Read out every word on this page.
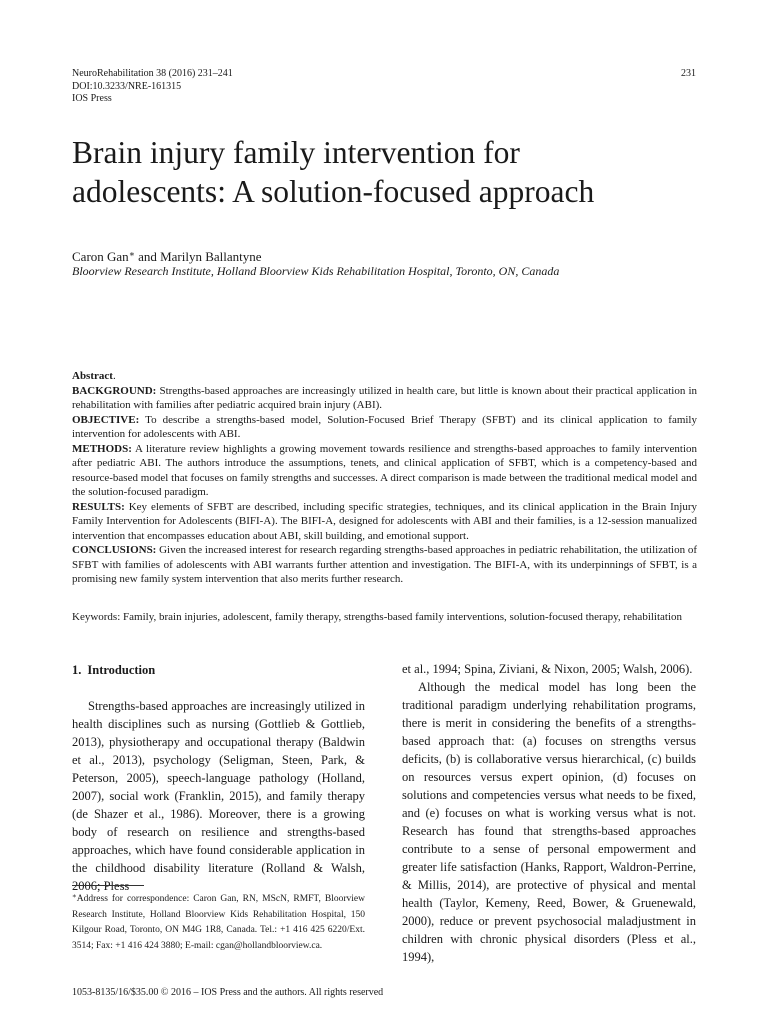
NeuroRehabilitation 38 (2016) 231–241
DOI:10.3233/NRE-161315
IOS Press
231
Brain injury family intervention for
adolescents: A solution-focused approach
Caron Gan∗ and Marilyn Ballantyne
Bloorview Research Institute, Holland Bloorview Kids Rehabilitation Hospital, Toronto, ON, Canada

Abstract.

BACKGROUND: Strengths-based approaches are increasingly utilized in health care, but little is known about their practical application in rehabilitation with families after pediatric acquired brain injury (ABI).

OBJECTIVE: To describe a strengths-based model, Solution-Focused Brief Therapy (SFBT) and its clinical application to family intervention for adolescents with ABI.

METHODS: A literature review highlights a growing movement towards resilience and strengths-based approaches to family intervention after pediatric ABI. The authors introduce the assumptions, tenets, and clinical application of SFBT, which is a competency-based and resource-based model that focuses on family strengths and successes. A direct comparison is made between the traditional medical model and the solution-focused paradigm.

RESULTS: Key elements of SFBT are described, including specific strategies, techniques, and its clinical application in the Brain Injury Family Intervention for Adolescents (BIFI-A). The BIFI-A, designed for adolescents with ABI and their families, is a 12-session manualized intervention that encompasses education about ABI, skill building, and emotional support.

CONCLUSIONS: Given the increased interest for research regarding strengths-based approaches in pediatric rehabilitation, the utilization of SFBT with families of adolescents with ABI warrants further attention and investigation. The BIFI-A, with its underpinnings of SFBT, is a promising new family system intervention that also merits further research.

Keywords: Family, brain injuries, adolescent, family therapy, strengths-based family interventions, solution-focused therapy, rehabilitation
1. Introduction

Strengths-based approaches are increasingly utilized in health disciplines such as nursing (Gottlieb & Gottlieb, 2013), physiotherapy and occupational therapy (Baldwin et al., 2013), psychology (Seligman, Steen, Park, & Peterson, 2005), speech-language pathology (Holland, 2007), social work (Franklin, 2015), and family therapy (de Shazer et al., 1986). Moreover, there is a growing body of research on resilience and strengths-based approaches, which have found considerable application in the childhood disability literature (Rolland & Walsh, 2006; Pless

et al., 1994; Spina, Ziviani, & Nixon, 2005; Walsh, 2006).

Although the medical model has long been the traditional paradigm underlying rehabilitation programs, there is merit in considering the benefits of a strengths-based approach that: (a) focuses on strengths versus deficits, (b) is collaborative versus hierarchical, (c) builds on resources versus expert opinion, (d) focuses on solutions and competencies versus what needs to be fixed, and (e) focuses on what is working versus what is not. Research has found that strengths-based approaches contribute to a sense of personal empowerment and greater life satisfaction (Hanks, Rapport, Waldron-Perrine, & Millis, 2014), are protective of physical and mental health (Taylor, Kemeny, Reed, Bower, & Gruenewald, 2000), reduce or prevent psychosocial maladjustment in children with chronic physical disorders (Pless et al., 1994),

∗Address for correspondence: Caron Gan, RN, MScN, RMFT, Bloorview Research Institute, Holland Bloorview Kids Rehabilitation Hospital, 150 Kilgour Road, Toronto, ON M4G 1R8, Canada. Tel.: +1 416 425 6220/Ext. 3514; Fax: +1 416 424 3880; E-mail: cgan@hollandbloorview.ca.
1053-8135/16/$35.00 © 2016 – IOS Press and the authors. All rights reserved
